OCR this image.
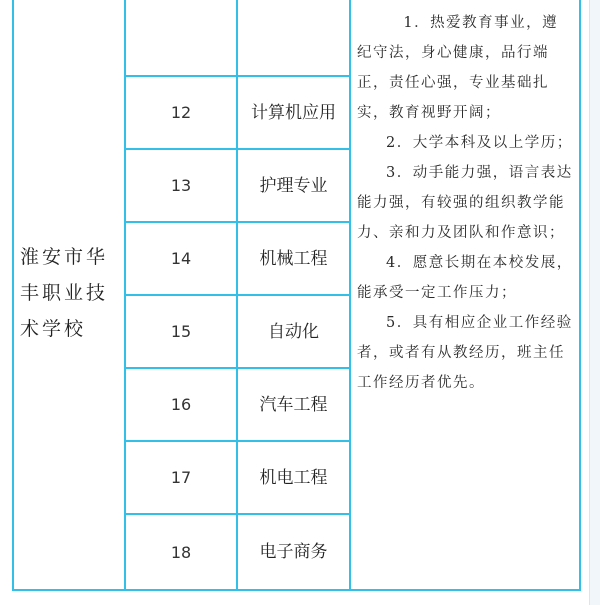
淮安市华丰职业技术学校			1．热爱教育事业，遵纪守法，身心健康，品行端正，责任心强，专业基础扎实，教育视野开阔；
2．大学本科及以上学历；
3．动手能力强，语言表达能力强，有较强的组织教学能力、亲和力及团队和作意识；
4．愿意长期在本校发展，能承受一定工作压力；
5．具有相应企业工作经验者，或者有从教经历，班主任工作经历者优先。

	12	计算机应用	
	13	护理专业	
	14	机械工程	
	15	自动化	
	16	汽车工程	
	17	机电工程	
	18	电子商务	
